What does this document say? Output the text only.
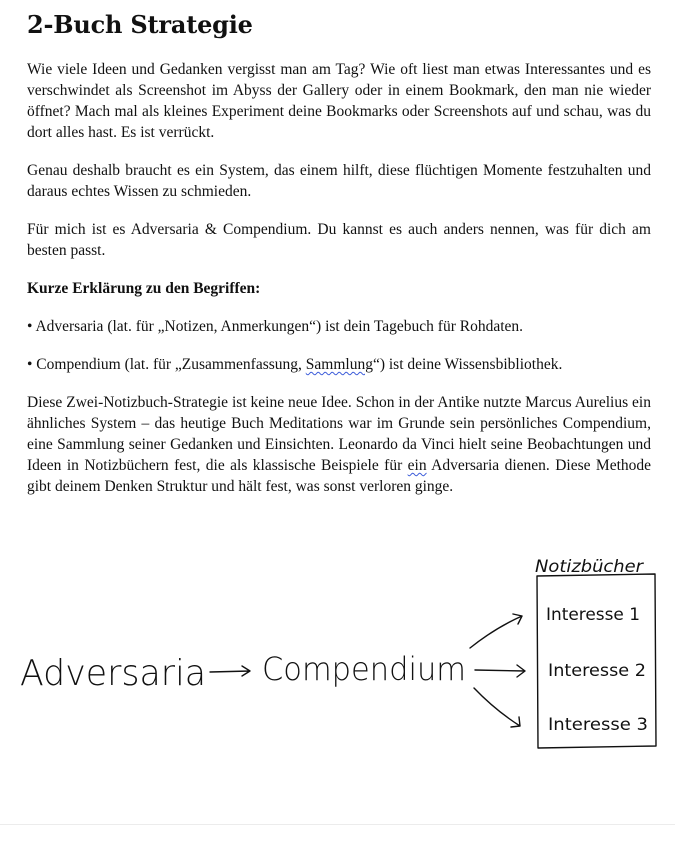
2-Buch Strategie

Wie viele Ideen und Gedanken vergisst man am Tag? Wie oft liest man etwas Interessantes und es verschwindet als Screenshot im Abyss der Gallery oder in einem Bookmark, den man nie wieder öffnet? Mach mal als kleines Experiment deine Bookmarks oder Screenshots auf und schau, was du dort alles hast. Es ist verrückt.

Genau deshalb braucht es ein System, das einem hilft, diese flüchtigen Momente festzuhalten und daraus echtes Wissen zu schmieden.

Für mich ist es Adversaria & Compendium. Du kannst es auch anders nennen, was für dich am besten passt.

Kurze Erklärung zu den Begriffen:

• Adversaria (lat. für „Notizen, Anmerkungen“) ist dein Tagebuch für Rohdaten.

• Compendium (lat. für „Zusammenfassung, Sammlung“) ist deine Wissensbibliothek.

Diese Zwei-Notizbuch-Strategie ist keine neue Idee. Schon in der Antike nutzte Marcus Aurelius ein ähnliches System – das heutige Buch Meditations war im Grunde sein persönliches Compendium, eine Sammlung seiner Gedanken und Einsichten. Leonardo da Vinci hielt seine Beobachtungen und Ideen in Notizbüchern fest, die als klassische Beispiele für ein Adversaria dienen. Diese Methode gibt deinem Denken Struktur und hält fest, was sonst verloren ginge.

Notizbücher
Adversaria Compendium
Interesse 1
Interesse 2
Interesse 3
